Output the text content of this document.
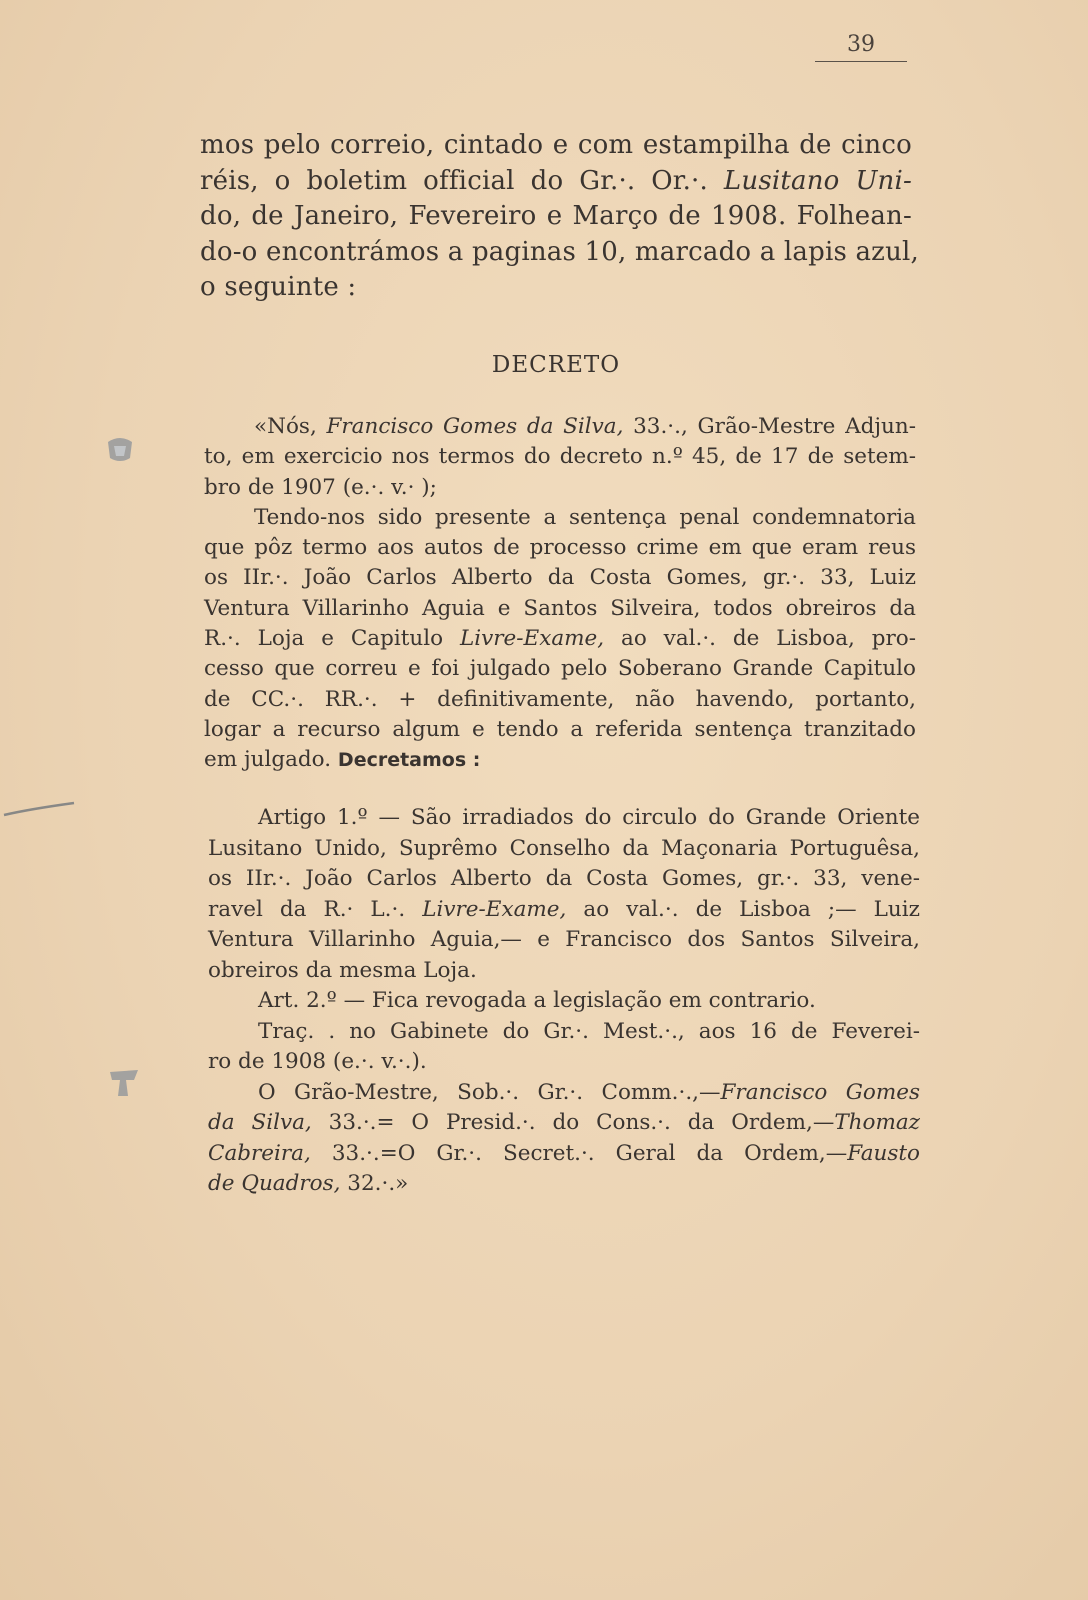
39
mos pelo correio, cintado e com estampilha de cinco
réis, o boletim official do Gr.·. Or.·. Lusitano Uni-
do, de Janeiro, Fevereiro e Março de 1908. Folhean-
do-o encontrámos a paginas 10, marcado a lapis azul,
o seguinte :
DECRETO
«Nós, Francisco Gomes da Silva, 33.·., Grão-Mestre Adjun-
to, em exercicio nos termos do decreto n.º 45, de 17 de setem-
bro de 1907 (e.·. v.· );
Tendo-nos sido presente a sentença penal condemnatoria
que pôz termo aos autos de processo crime em que eram reus
os IIr.·. João Carlos Alberto da Costa Gomes, gr.·. 33, Luiz
Ventura Villarinho Aguia e Santos Silveira, todos obreiros da
R.·. Loja e Capitulo Livre-Exame, ao val.·. de Lisboa, pro-
cesso que correu e foi julgado pelo Soberano Grande Capitulo
de CC.·. RR.·. + definitivamente, não havendo, portanto,
logar a recurso algum e tendo a referida sentença tranzitado
em julgado. Decretamos :
Artigo 1.º — São irradiados do circulo do Grande Oriente
Lusitano Unido, Suprêmo Conselho da Maçonaria Portuguêsa,
os IIr.·. João Carlos Alberto da Costa Gomes, gr.·. 33, vene-
ravel da R.· L.·. Livre-Exame, ao val.·. de Lisboa ;— Luiz
Ventura Villarinho Aguia,— e Francisco dos Santos Silveira,
obreiros da mesma Loja.
Art. 2.º — Fica revogada a legislação em contrario.
Traç. . no Gabinete do Gr.·. Mest.·., aos 16 de Feverei-
ro de 1908 (e.·. v.·.).
O Grão-Mestre, Sob.·. Gr.·. Comm.·.,—Francisco Gomes
da Silva, 33.·.= O Presid.·. do Cons.·. da Ordem,—Thomaz
Cabreira, 33.·.=O Gr.·. Secret.·. Geral da Ordem,—Fausto
de Quadros, 32.·.»
